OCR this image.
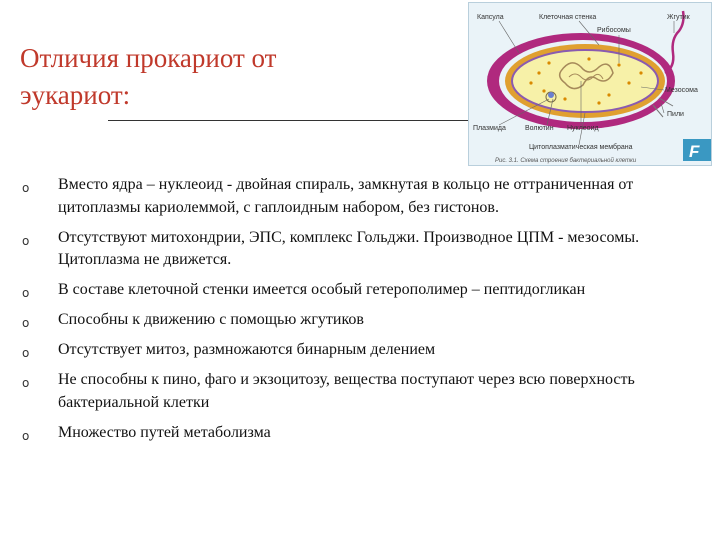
Отличия прокариот от
эукариот:
Капсула	Клеточная стенка
Рибосомы
Жгутик
Мезосома
Пили
Плазмида	Волютин Нуклеоид
Цитоплазматическая мембрана
Рис. 3.1. Схема строения бактериальной клетки	F
o Вместо ядра – нуклеоид - двойная спираль, замкнутая в кольцо не оттраниченная от цитоплазмы кариолеммой, с гаплоидным набором, без гистонов.
o Отсутствуют митохондрии, ЭПС, комплекс Гольджи. Производное ЦПМ - мезосомы. Цитоплазма не движется.
o В составе клеточной стенки имеется особый гетерополимер – пептидогликан
o Способны к движению с помощью жгутиков
o Отсутствует митоз, размножаются бинарным делением
o Не способны к пино, фаго и экзоцитозу, вещества поступают через всю поверхность бактериальной клетки
o Множество путей метаболизма
